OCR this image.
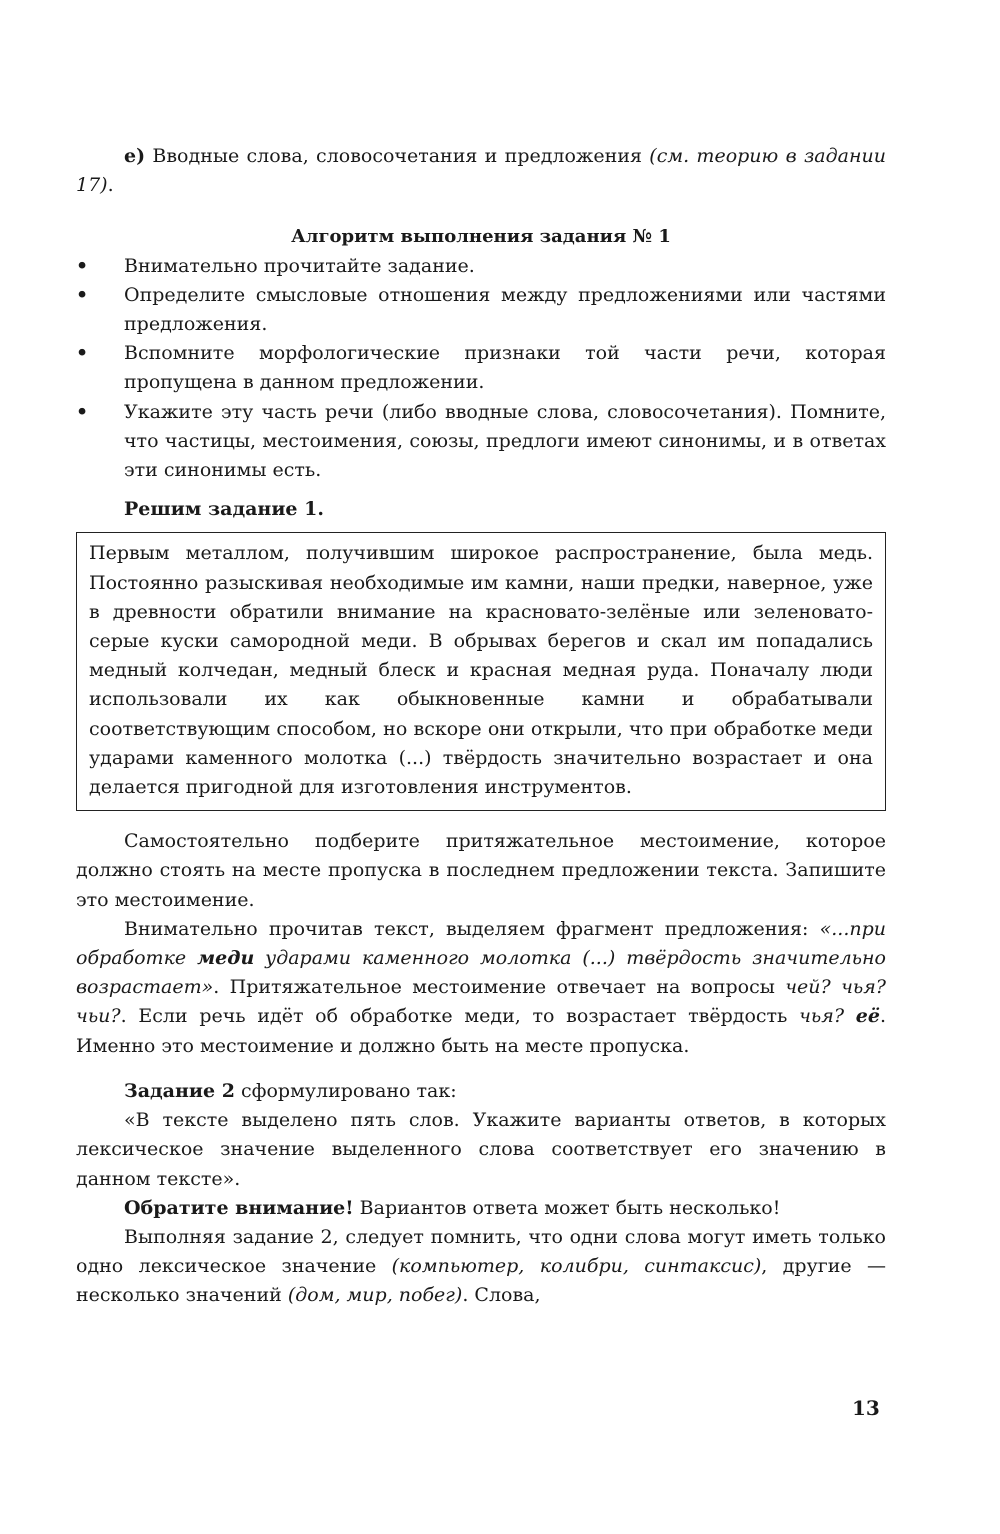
е) Вводные слова, словосочетания и предложения (см. теорию в задании 17).

Алгоритм выполнения задания № 1

• Внимательно прочитайте задание.
• Определите смысловые отношения между предложениями или частями предложения.
• Вспомните морфологические признаки той части речи, которая пропущена в данном предложении.
• Укажите эту часть речи (либо вводные слова, словосочетания). Помните, что частицы, местоимения, союзы, предлоги имеют синонимы, и в ответах эти синонимы есть.

Решим задание 1.

Первым металлом, получившим широкое распространение, была медь. Постоянно разыскивая необходимые им камни, наши предки, наверное, уже в древности обратили внимание на красновато-зелёные или зеленовато-серые куски самородной меди. В обрывах берегов и скал им попадались медный колчедан, медный блеск и красная медная руда. Поначалу люди использовали их как обыкновенные камни и обрабатывали соответствующим способом, но вскоре они открыли, что при обработке меди ударами каменного молотка (...) твёрдость значительно возрастает и она делается пригодной для изготовления инструментов.

Самостоятельно подберите притяжательное местоимение, которое должно стоять на месте пропуска в последнем предложении текста. Запишите это местоимение.

Внимательно прочитав текст, выделяем фрагмент предложения: «...при обработке меди ударами каменного молотка (...) твёрдость значительно возрастает». Притяжательное местоимение отвечает на вопросы чей? чья? чьи?. Если речь идёт об обработке меди, то возрастает твёрдость чья? её. Именно это местоимение и должно быть на месте пропуска.

Задание 2 сформулировано так:

«В тексте выделено пять слов. Укажите варианты ответов, в которых лексическое значение выделенного слова соответствует его значению в данном тексте».

Обратите внимание! Вариантов ответа может быть несколько!

Выполняя задание 2, следует помнить, что одни слова могут иметь только одно лексическое значение (компьютер, колибри, синтаксис), другие — несколько значений (дом, мир, побег). Слова,

13
